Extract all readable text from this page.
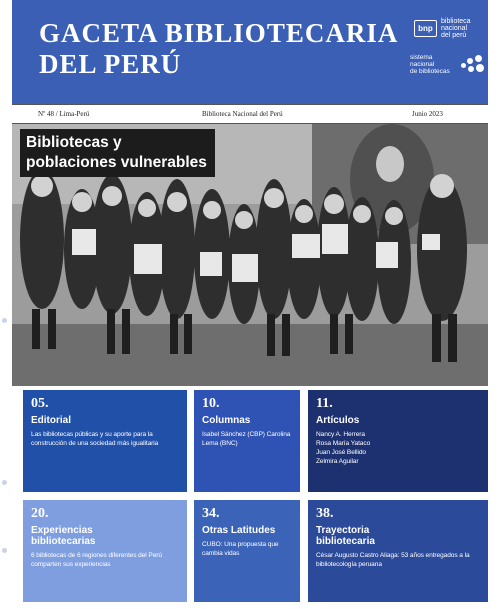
GACETA BIBLIOTECARIA
DEL PERÚ
bnp
biblioteca
nacional
del perú
sistema
nacional
de bibliotecas
Nº 48 / Lima-Perú	Biblioteca Nacional del Perú	Junio 2023
Bibliotecas y
poblaciones vulnerables
05.
Editorial
Las bibliotecas públicas y su aporte para la construcción de una sociedad más igualitaria
10.
Columnas
Isabel Sánchez (CBP) Carolina Lema (BNC)
11.
Artículos
Nancy A. Herrera
Rosa María Yataco
Juan José Bellido
Zelmira Aguilar
20.
Experiencias
bibliotecarias
6 bibliotecas de 6 regiones diferentes del Perú comparten sus experiencias
34.
Otras Latitudes
CUBO: Una propuesta que cambia vidas
38.
Trayectoria
bibliotecaria
César Augusto Castro Aliaga: 53 años entregados a la bibliotecología peruana
